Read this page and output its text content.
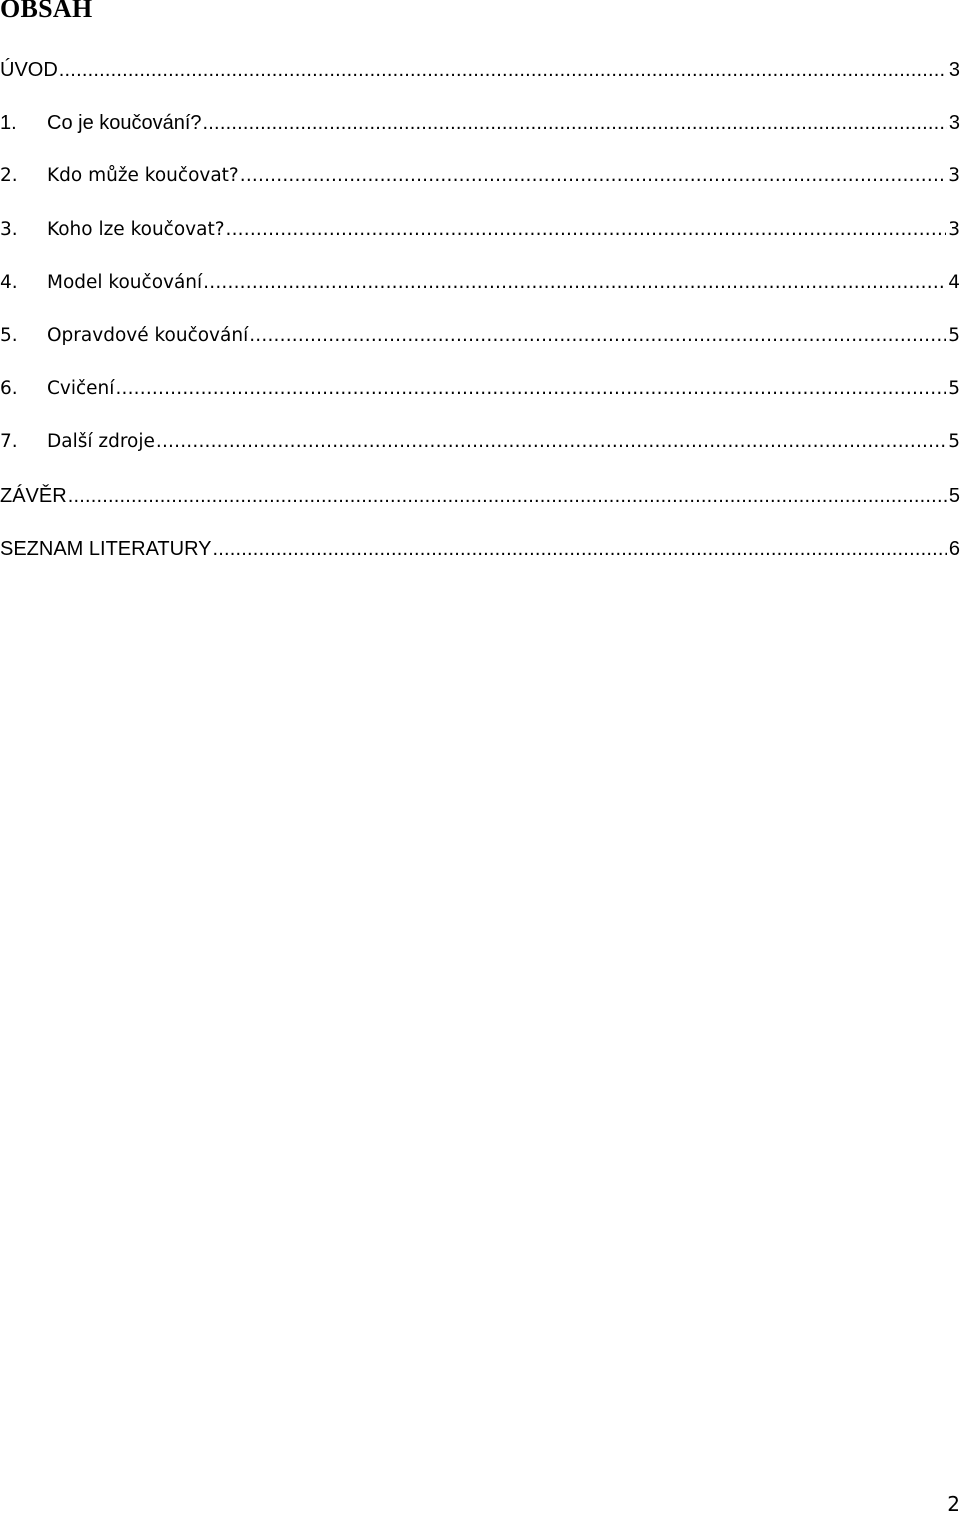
OBSAH
ÚVOD .....	3
1.	Co je koučování? .....	3
2.	Kdo může koučovat? .....	3
3.	Koho lze koučovat? .....	3
4.	Model koučování .....	4
5.	Opravdové koučování .....	5
6.	Cvičení .....	5
7.	Další zdroje .....	5
ZÁVĚR .....	5
SEZNAM LITERATURY .....	6
2
